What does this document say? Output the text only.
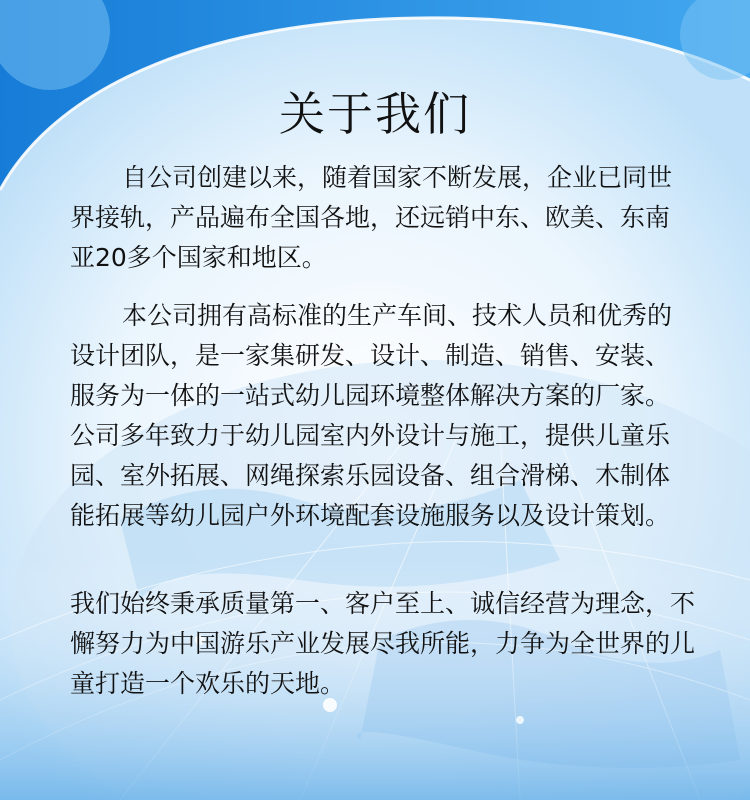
关于我们

自公司创建以来，随着国家不断发展，企业已同世界接轨，产品遍布全国各地，还远销中东、欧美、东南亚20多个国家和地区。

本公司拥有高标准的生产车间、技术人员和优秀的设计团队，是一家集研发、设计、制造、销售、安装、服务为一体的一站式幼儿园环境整体解决方案的厂家。公司多年致力于幼儿园室内外设计与施工，提供儿童乐园、室外拓展、网绳探索乐园设备、组合滑梯、木制体能拓展等幼儿园户外环境配套设施服务以及设计策划。

我们始终秉承质量第一、客户至上、诚信经营为理念，不懈努力为中国游乐产业发展尽我所能，力争为全世界的儿童打造一个欢乐的天地。
